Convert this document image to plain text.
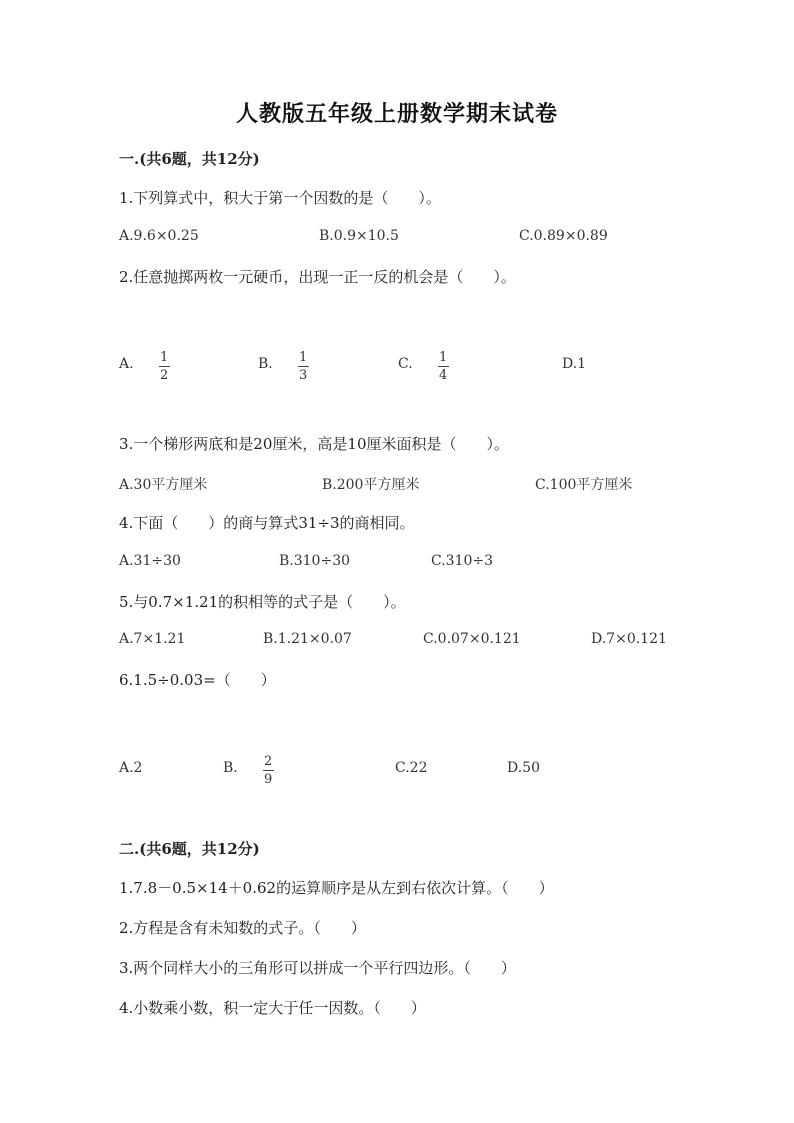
人教版五年级上册数学期末试卷
一.(共6题，共12分)
1.下列算式中，积大于第一个因数的是（　　）。
A.9.6×0.25	B.0.9×10.5	C.0.89×0.89
2.任意抛掷两枚一元硬币，出现一正一反的机会是（　　）。
A. 1
2
B. 1
3
C. 1
4
D.1
3.一个梯形两底和是20厘米，高是10厘米面积是（　　）。
A.30平方厘米	B.200平方厘米	C.100平方厘米
4.下面（　　）的商与算式31÷3的商相同。
A.31÷30	B.310÷30	C.310÷3
5.与0.7×1.21的积相等的式子是（　　）。
A.7×1.21	B.1.21×0.07	C.0.07×0.121	D.7×0.121
6.1.5÷0.03=（　　）
A.2	B. 2
9
C.22	D.50
二.(共6题，共12分)
1.7.8－0.5×14＋0.62的运算顺序是从左到右依次计算。（　　）
2.方程是含有未知数的式子。（　　）
3.两个同样大小的三角形可以拼成一个平行四边形。（　　）
4.小数乘小数，积一定大于任一因数。（　　）
